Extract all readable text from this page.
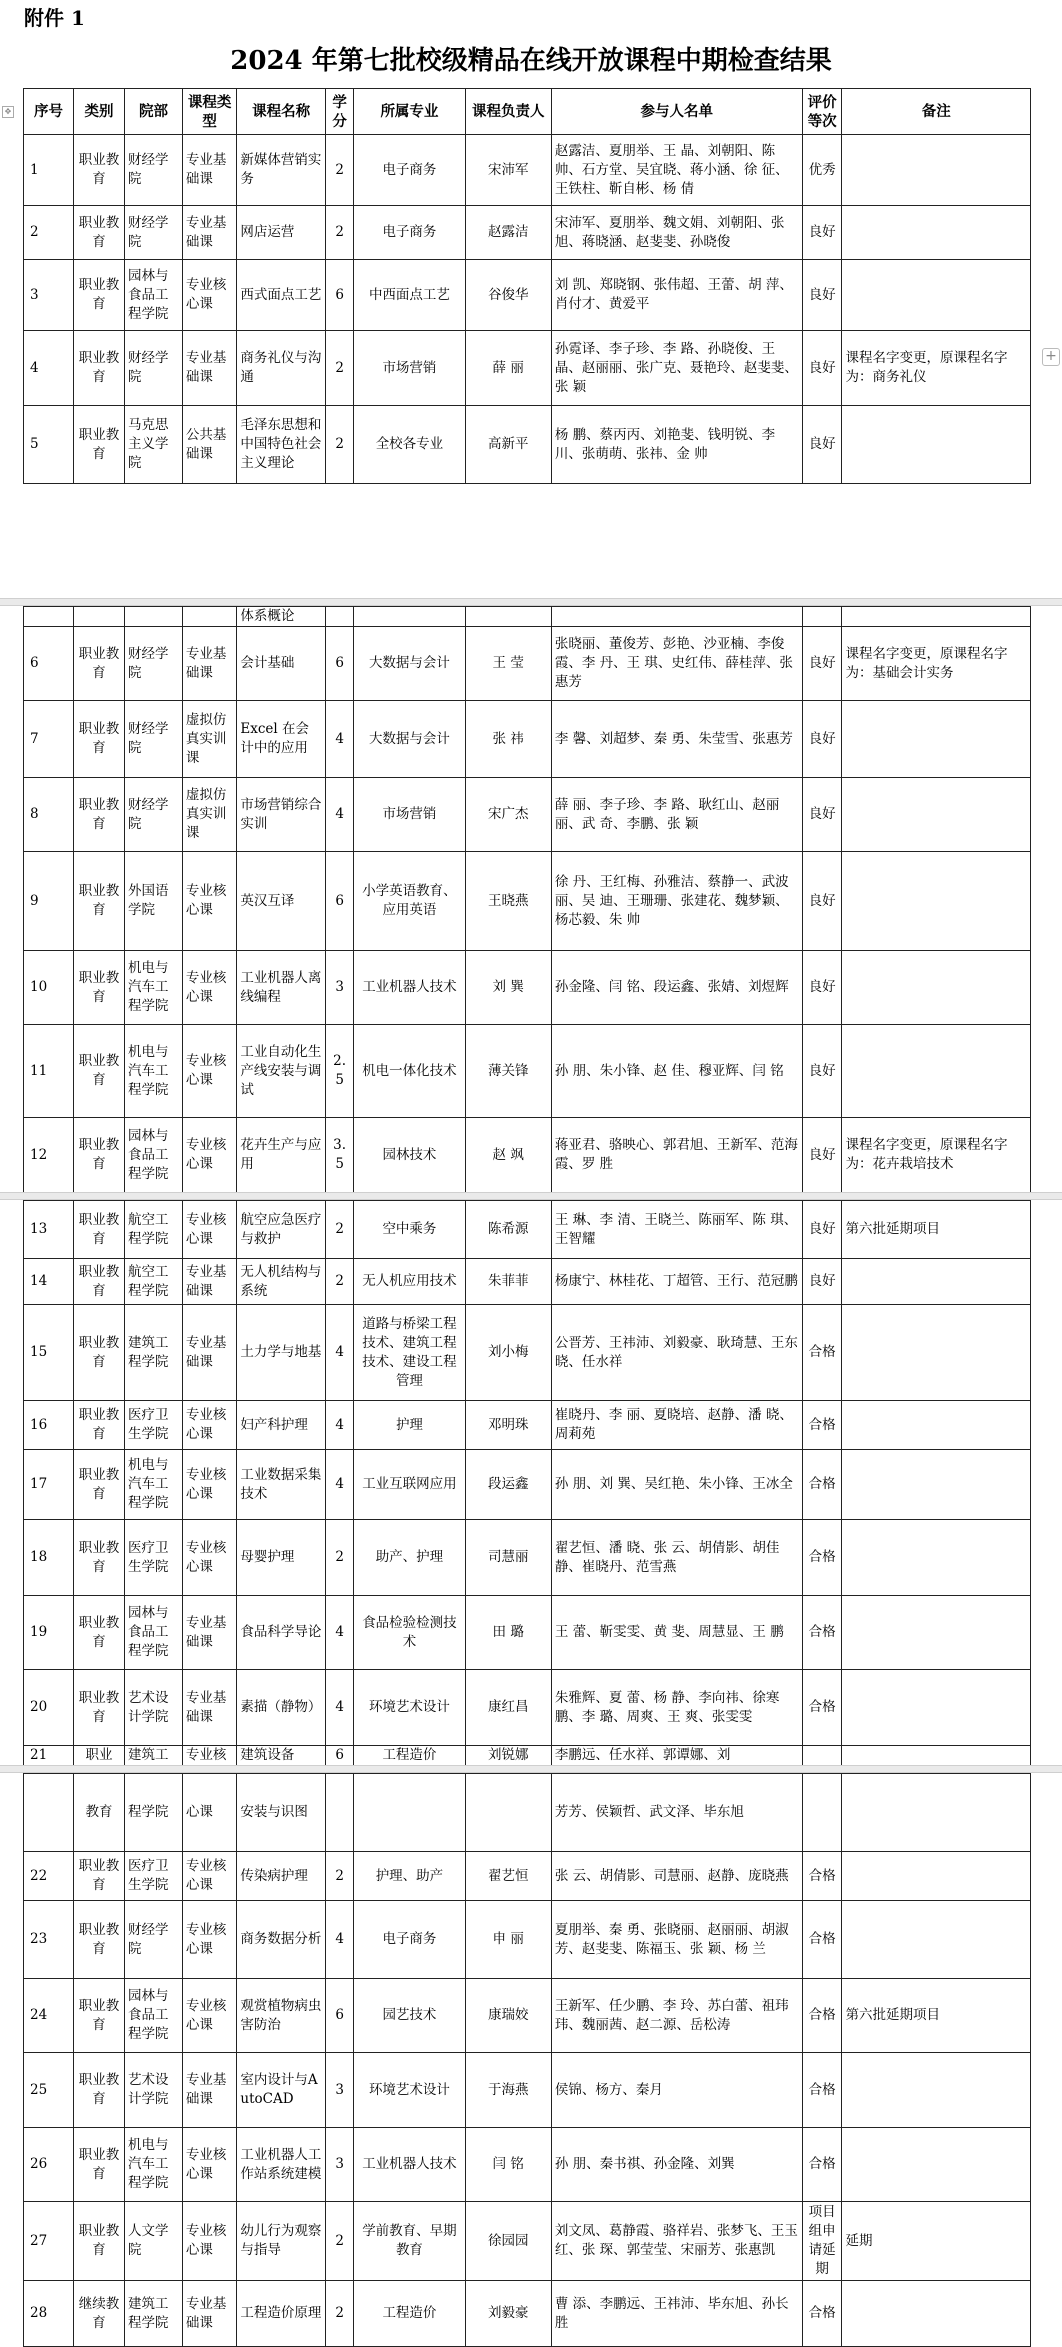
附件 1
2024 年第七批校级精品在线开放课程中期检查结果
✥
+
序号	类别	院部	课程类型	课程名称	学分	所属专业	课程负责人	参与人名单	评价等次	备注
1	职业教育	财经学院	专业基础课	新媒体营销实务	2	电子商务	宋沛军	赵露洁、夏朋举、王 晶、刘朝阳、陈 帅、石方堂、吴宜晓、蒋小涵、徐 征、王铁柱、靳自彬、杨 倩	优秀	
2	职业教育	财经学院	专业基础课	网店运营	2	电子商务	赵露洁	宋沛军、夏朋举、魏文娟、刘朝阳、张 旭、蒋晓涵、赵斐斐、孙晓俊	良好	
3	职业教育	园林与食品工程学院	专业核心课	西式面点工艺	6	中西面点工艺	谷俊华	刘 凯、郑晓钢、张伟超、王蕾、胡 萍、肖付才、黄爱平	良好	
4	职业教育	财经学院	专业基础课	商务礼仪与沟通	2	市场营销	薛 丽	孙霓译、李子珍、李 路、孙晓俊、王 晶、赵丽丽、张广克、聂艳玲、赵斐斐、张 颖	良好	课程名字变更，原课程名字为：商务礼仪
5	职业教育	马克思主义学院	公共基础课	毛泽东思想和中国特色社会主义理论	2	全校各专业	高新平	杨 鹏、蔡丙丙、刘艳斐、钱明锐、李 川、张萌萌、张祎、金 帅	良好	
				体系概论						
6	职业教育	财经学院	专业基础课	会计基础	6	大数据与会计	王 莹	张晓丽、董俊芳、彭艳、沙亚楠、李俊霞、李 丹、王 琪、史红伟、薛桂萍、张惠芳	良好	课程名字变更，原课程名字为：基础会计实务
7	职业教育	财经学院	虚拟仿真实训课	Excel 在会计中的应用	4	大数据与会计	张 祎	李 馨、刘超梦、秦 勇、朱莹雪、张惠芳	良好	
8	职业教育	财经学院	虚拟仿真实训课	市场营销综合实训	4	市场营销	宋广杰	薛 丽、李子珍、李 路、耿红山、赵丽丽、武 奇、李鹏、张 颖	良好	
9	职业教育	外国语学院	专业核心课	英汉互译	6	小学英语教育、应用英语	王晓燕	徐 丹、王红梅、孙雅洁、蔡静一、武波丽、吴 迪、王珊珊、张建花、魏梦颖、杨芯毅、朱 帅	良好	
10	职业教育	机电与汽车工程学院	专业核心课	工业机器人离线编程	3	工业机器人技术	刘 巽	孙金隆、闫 铭、段运鑫、张婧、刘煜辉	良好	
11	职业教育	机电与汽车工程学院	专业核心课	工业自动化生产线安装与调试	2.5	机电一体化技术	薄关锋	孙 朋、朱小锋、赵 佳、穆亚辉、闫 铭	良好	
12	职业教育	园林与食品工程学院	专业核心课	花卉生产与应用	3.5	园林技术	赵 飒	蒋亚君、骆映心、郭君旭、王新军、范海霞、罗 胜	良好	课程名字变更，原课程名字为：花卉栽培技术
13	职业教育	航空工程学院	专业核心课	航空应急医疗与救护	2	空中乘务	陈希源	王 琳、李 清、王晓兰、陈丽军、陈 琪、王智耀	良好	第六批延期项目
14	职业教育	航空工程学院	专业基础课	无人机结构与系统	2	无人机应用技术	朱菲菲	杨康宁、林桂花、丁超管、王行、范冠鹏	良好	
15	职业教育	建筑工程学院	专业基础课	土力学与地基	4	道路与桥梁工程技术、建筑工程技术、建设工程管理	刘小梅	公晋芳、王祎沛、刘毅豪、耿琦慧、王东晓、任水祥	合格	
16	职业教育	医疗卫生学院	专业核心课	妇产科护理	4	护理	邓明珠	崔晓丹、李 丽、夏晓培、赵静、潘 晓、周莉苑	合格	
17	职业教育	机电与汽车工程学院	专业核心课	工业数据采集技术	4	工业互联网应用	段运鑫	孙 朋、刘 巽、吴红艳、朱小锋、王冰全	合格	
18	职业教育	医疗卫生学院	专业核心课	母婴护理	2	助产、护理	司慧丽	翟艺恒、潘 晓、张 云、胡倩影、胡佳静、崔晓丹、范雪燕	合格	
19	职业教育	园林与食品工程学院	专业基础课	食品科学导论	4	食品检验检测技术	田 璐	王 蕾、靳雯雯、黄 斐、周慧显、王 鹏	合格	
20	职业教育	艺术设计学院	专业基础课	素描（静物）	4	环境艺术设计	康红昌	朱雅辉、夏 蕾、杨 静、李向祎、徐寒鹏、李 璐、周爽、王 爽、张雯雯	合格	
21	职业	建筑工	专业核	建筑设备	6	工程造价	刘锐娜	李鹏远、任水祥、郭谭娜、刘		
	教育	程学院	心课	安装与识图				芳芳、侯颖哲、武文泽、毕东旭		
22	职业教育	医疗卫生学院	专业核心课	传染病护理	2	护理、助产	翟艺恒	张 云、胡倩影、司慧丽、赵静、庞晓燕	合格	
23	职业教育	财经学院	专业核心课	商务数据分析	4	电子商务	申 丽	夏朋举、秦 勇、张晓丽、赵丽丽、胡淑芳、赵斐斐、陈福玉、张 颖、杨 兰	合格	
24	职业教育	园林与食品工程学院	专业核心课	观赏植物病虫害防治	6	园艺技术	康瑞姣	王新军、任少鹏、李 玲、苏白蕾、祖玮玮、魏丽茜、赵二源、岳松涛	合格	第六批延期项目
25	职业教育	艺术设计学院	专业基础课	室内设计与AutoCAD	3	环境艺术设计	于海燕	侯锦、杨方、秦月	合格	
26	职业教育	机电与汽车工程学院	专业核心课	工业机器人工作站系统建模	3	工业机器人技术	闫 铭	孙 朋、秦书祺、孙金隆、刘巽	合格	
27	职业教育	人文学院	专业核心课	幼儿行为观察与指导	2	学前教育、早期教育	徐园园	刘文凤、葛静霞、骆祥岩、张梦飞、王玉红、张 琛、郭莹莹、宋丽芳、张惠凯	项目组申请延期	延期
28	继续教育	建筑工程学院	专业基础课	工程造价原理	2	工程造价	刘毅豪	曹 添、李鹏远、王祎沛、毕东旭、孙长胜	合格	
